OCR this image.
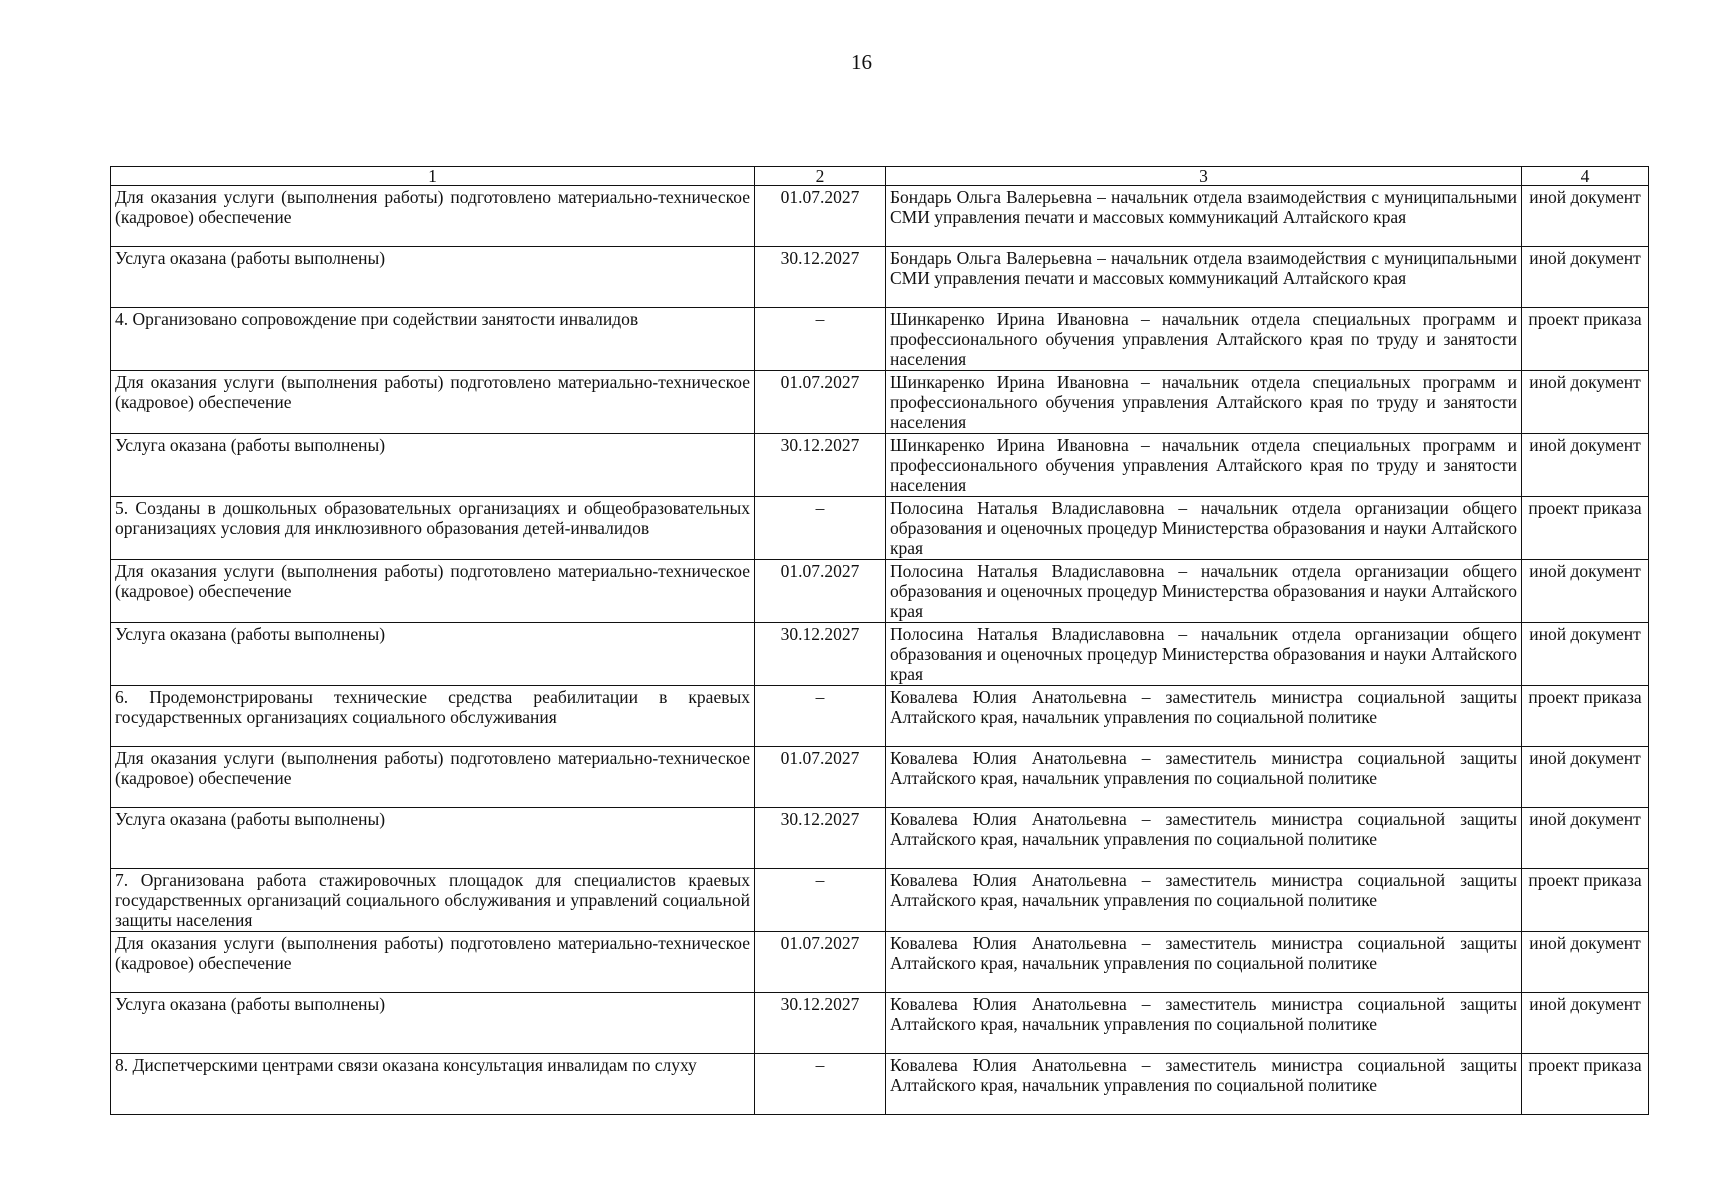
16
1	2	3	4
Для оказания услуги (выполнения работы) подготовлено материально-техническое (кадровое) обеспечение	01.07.2027	Бондарь Ольга Валерьевна – начальник отдела взаимодействия с муниципальными СМИ управления печати и массовых коммуникаций Алтайского края	иной документ
Услуга оказана (работы выполнены)	30.12.2027	Бондарь Ольга Валерьевна – начальник отдела взаимодействия с муниципальными СМИ управления печати и массовых коммуникаций Алтайского края	иной документ
4. Организовано сопровождение при содействии занятости инвалидов	–	Шинкаренко Ирина Ивановна – начальник отдела специальных программ и профессионального обучения управления Алтайского края по труду и занятости населения	проект приказа
Для оказания услуги (выполнения работы) подготовлено материально-техническое (кадровое) обеспечение	01.07.2027	Шинкаренко Ирина Ивановна – начальник отдела специальных программ и профессионального обучения управления Алтайского края по труду и занятости населения	иной документ
Услуга оказана (работы выполнены)	30.12.2027	Шинкаренко Ирина Ивановна – начальник отдела специальных программ и профессионального обучения управления Алтайского края по труду и занятости населения	иной документ
5. Созданы в дошкольных образовательных организациях и общеобразовательных организациях условия для инклюзивного образования детей-инвалидов	–	Полосина Наталья Владиславовна – начальник отдела организации общего образования и оценочных процедур Министерства образования и науки Алтайского края	проект приказа
Для оказания услуги (выполнения работы) подготовлено материально-техническое (кадровое) обеспечение	01.07.2027	Полосина Наталья Владиславовна – начальник отдела организации общего образования и оценочных процедур Министерства образования и науки Алтайского края	иной документ
Услуга оказана (работы выполнены)	30.12.2027	Полосина Наталья Владиславовна – начальник отдела организации общего образования и оценочных процедур Министерства образования и науки Алтайского края	иной документ
6. Продемонстрированы технические средства реабилитации в краевых государственных организациях социального обслуживания	–	Ковалева Юлия Анатольевна – заместитель министра социальной защиты Алтайского края, начальник управления по социальной политике	проект приказа
Для оказания услуги (выполнения работы) подготовлено материально-техническое (кадровое) обеспечение	01.07.2027	Ковалева Юлия Анатольевна – заместитель министра социальной защиты Алтайского края, начальник управления по социальной политике	иной документ
Услуга оказана (работы выполнены)	30.12.2027	Ковалева Юлия Анатольевна – заместитель министра социальной защиты Алтайского края, начальник управления по социальной политике	иной документ
7. Организована работа стажировочных площадок для специалистов краевых государственных организаций социального обслуживания и управлений социальной защиты населения	–	Ковалева Юлия Анатольевна – заместитель министра социальной защиты Алтайского края, начальник управления по социальной политике	проект приказа
Для оказания услуги (выполнения работы) подготовлено материально-техническое (кадровое) обеспечение	01.07.2027	Ковалева Юлия Анатольевна – заместитель министра социальной защиты Алтайского края, начальник управления по социальной политике	иной документ
Услуга оказана (работы выполнены)	30.12.2027	Ковалева Юлия Анатольевна – заместитель министра социальной защиты Алтайского края, начальник управления по социальной политике	иной документ
8. Диспетчерскими центрами связи оказана консультация инвалидам по слуху	–	Ковалева Юлия Анатольевна – заместитель министра социальной защиты Алтайского края, начальник управления по социальной политике	проект приказа
